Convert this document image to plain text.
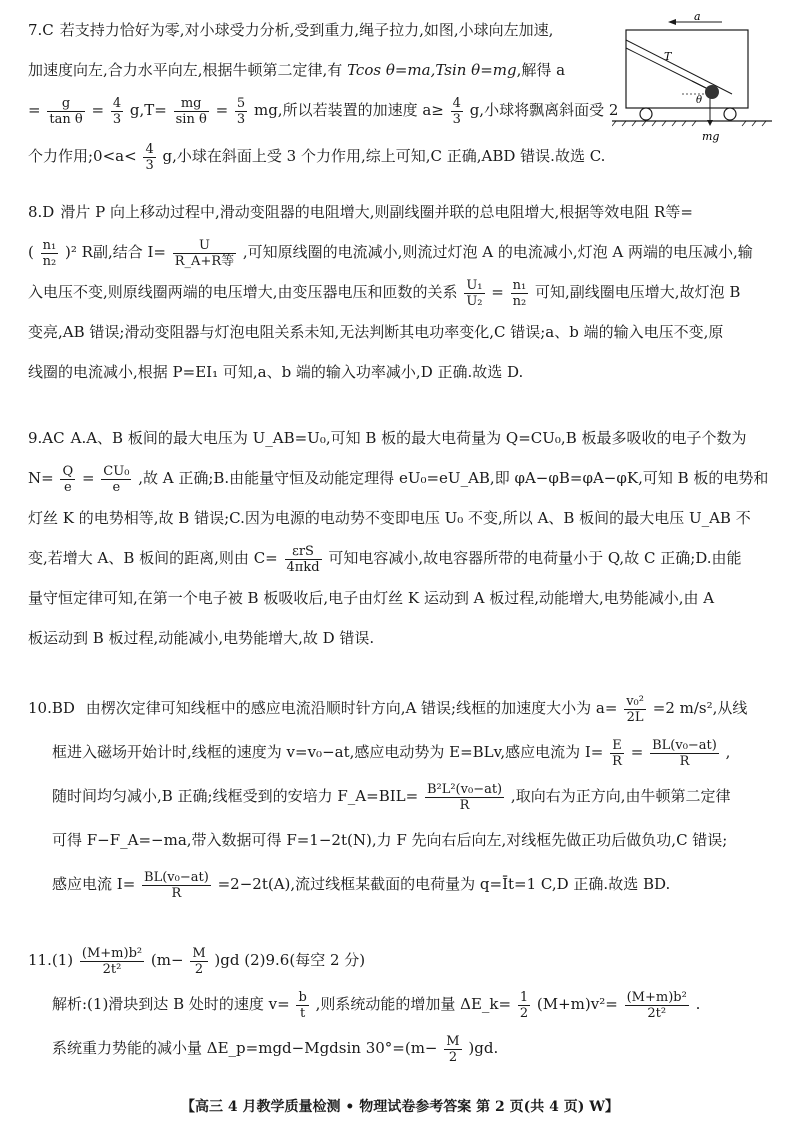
7.C 若支持力恰好为零,对小球受力分析,受到重力,绳子拉力,如图,小球向左加速,

加速度向左,合力水平向左,根据牛顿第二定律,有 Tcos θ=ma,Tsin θ=mg,解得 a

= $\frac{g}{\text{tan θ}} = \frac{4}{3} g,T= \frac{mg}{\text{sin θ}} = \frac{5}{3}$ mg,所以若装置的加速度 $a\ge \frac{4}{3} g$,小球将飘离斜面受 2

个力作用;0<a< $\frac{4}{3} g$,小球在斜面上受 3 个力作用,综上可知,C 正确,ABD 错误.故选 C.

a
T
θ
mg

8.D 滑片 P 向上移动过程中,滑动变阻器的电阻增大,则副线圈并联的总电阻增大,根据等效电阻 R等=

( $\frac{\text{n₁}}{\text{n₂}} )^2$ R副,结合 $I= \frac{U}{\text{R\_A+R等}}$ ,可知原线圈的电流减小,则流过灯泡 A 的电流减小,灯泡 A 两端的电压减小,输

入电压不变,则原线圈两端的电压增大,由变压器电压和匝数的关系 $\frac{\text{U₁}}{\text{U₂}} = \frac{\text{n₁}}{\text{n₂}}$ 可知,副线圈电压增大,故灯泡 B

变亮,AB 错误;滑动变阻器与灯泡电阻关系未知,无法判断其电功率变化,C 错误;a、b 端的输入电压不变,原

线圈的电流减小,根据 P=EI₁ 可知,a、b 端的输入功率减小,D 正确.故选 D.

9.AC A.A、B 板间的最大电压为 U_AB=U₀,可知 B 板的最大电荷量为 Q=CU₀,B 板最多吸收的电子个数为

$N= \frac{Q}{e} = \frac{\text{CU₀}}{e}$ ,故 A 正确;B.由能量守恒及动能定理得 eU₀=eU_AB,即 φA−φB=φA−φK,可知 B 板的电势和

灯丝 K 的电势相等,故 B 错误;C.因为电源的电动势不变即电压 U₀ 不变,所以 A、B 板间的最大电压 U_AB 不

变,若增大 A、B 板间的距离,则由 $C= \frac{\text{εrS}}{\text{4πkd}}$ 可知电容减小,故电容器所带的电荷量小于 Q,故 C 正确;D.由能

量守恒定律可知,在第一个电子被 B 板吸收后,电子由灯丝 K 运动到 A 板过程,动能增大,电势能减小,由 A

板运动到 B 板过程,动能减小,电势能增大,故 D 错误.

10.BD 由楞次定律可知线框中的感应电流沿顺时针方向,A 错误;线框的加速度大小为 $a= \frac{\text{v₀²}}{2L} =2$ m/s²,从线

框进入磁场开始计时,线框的速度为 v=v₀−at,感应电动势为 E=BLv,感应电流为 $I= \frac{E}{R} = \frac{\text{BL(v₀−at)}}{R}$ ,

随时间均匀减小,B 正确;线框受到的安培力 F_A=BIL= $\frac{\text{B²L²(v₀−at)}}{R}$ ,取向右为正方向,由牛顿第二定律

可得 F−F_A=−ma,带入数据可得 F=1−2t(N),力 F 先向右后向左,对线框先做正功后做负功,C 错误;

感应电流 $I= \frac{\text{BL(v₀−at)}}{R} =2-2t(A)$,流过线框某截面的电荷量为 q=Īt=1 C,D 正确.故选 BD.

$11.(1) \frac{\text{(M+m)b²}}{\text{2t²}} (m- \frac{M}{2} )gd$ (2)9.6(每空 2 分)

解析:(1)滑块到达 B 处时的速度 $v= \frac{b}{t}$ ,则系统动能的增加量 ΔE_k= $\frac{1}{2} (M+m)v^2= \frac{\text{(M+m)b²}}{\text{2t²}}$ .

系统重力势能的减小量 ΔE_p=mgd−Mgdsin $30^\circ=(m- \frac{M}{2} )gd$.

【高三 4 月教学质量检测 • 物理试卷参考答案 第 2 页(共 4 页) W】
